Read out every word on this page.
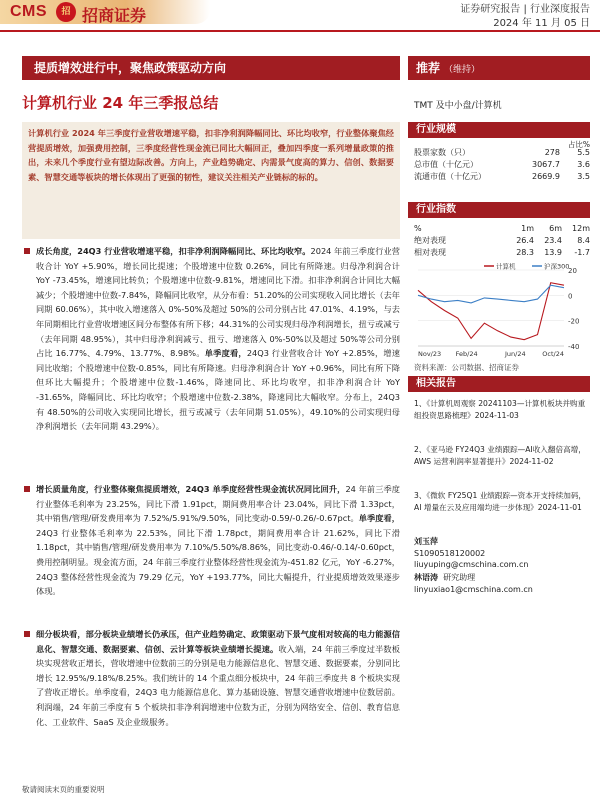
CMS	招 招商证券	证券研究报告 | 行业深度报告
2024 年 11 月 05 日
提质增效进行中，聚焦政策驱动方向	推荐 （维持）
计算机行业 24 年三季报总结	TMT 及中小盘/计算机
计算机行业 2024 年三季度行业营收增速平稳，扣非净利润降幅同比、环比均收窄，行业整体聚焦经营提质增效，加强费用控制，三季度经营性现金流已同比大幅回正，叠加四季度一系列增量政策的推出，未来几个季度行业有望边际改善。方向上，产业趋势确定、内需景气度高的算力、信创、数据要素、智慧交通等板块的增长体现出了更强的韧性，建议关注相关产业链标的标的。
成长角度，24Q3 行业营收增速平稳，扣非净利润降幅同比、环比均收窄。2024 年前三季度行业营收合计 YoY +5.90%，增长同比提速；个股增速中位数 0.26%，同比有所降速。归母净利润合计 YoY -73.45%，增速同比转负；个股增速中位数-9.81%，增速同比下滑。扣非净利润合计同比大幅减少；个股增速中位数-7.84%，降幅同比收窄，从分布看：51.20%的公司实现收入同比增长（去年同期 60.06%），其中收入增速落入 0%-50%及超过 50%的公司分别占比 47.01%、4.19%，与去年同期相比行业营收增速区间分布整体有所下移；44.31%的公司实现归母净利润增长，扭亏或减亏（去年同期 48.95%），其中归母净利润减亏、扭亏、增速落入 0%-50%以及超过 50%等公司分别占比 16.77%、4.79%、13.77%、8.98%。单季度看，24Q3 行业营收合计 YoY +2.85%，增速同比收缩；个股增速中位数-0.85%，同比有所降速。归母净利润合计 YoY +0.96%，同比有所下降但环比大幅提升；个股增速中位数-1.46%，降速同比、环比均收窄，扣非净利润合计 YoY -31.65%，降幅同比、环比均收窄；个股增速中位数-2.38%，降速同比大幅收窄。分布上，24Q3 有 48.50%的公司收入实现同比增长，扭亏或减亏（去年同期 51.05%），49.10%的公司实现归母净利润增长（去年同期 43.29%）。
增长质量角度，行业整体聚焦提质增效，24Q3 单季度经营性现金流状况同比回升，24 年前三季度行业整体毛利率为 23.25%，同比下滑 1.91pct，期间费用率合计 23.04%，同比下滑 1.33pct，其中销售/管理/研发费用率为 7.52%/5.91%/9.50%，同比变动-0.59/-0.26/-0.67pct。单季度看，24Q3 行业整体毛利率为 22.53%，同比下滑 1.78pct，期间费用率合计 21.62%，同比下滑 1.18pct，其中销售/管理/研发费用率为 7.10%/5.50%/8.86%，同比变动-0.46/-0.14/-0.60pct，费用控制明显。现金流方面，24 年前三季度行业整体经营性现金流为-451.82 亿元，YoY -6.27%，24Q3 整体经营性现金流为 79.29 亿元，YoY +193.77%，同比大幅提升，行业提质增效效果逐步体现。
细分板块看，部分板块业绩增长仍承压，但产业趋势确定、政策驱动下景气度相对较高的电力能源信息化、智慧交通、数据要素、信创、云计算等板块业绩增长提速。收入端，24 年前三季度过半数板块实现营收正增长，营收增速中位数前三的分别是电力能源信息化、智慧交通、数据要素，分别同比增长 12.95%/9.18%/8.25%。我们统计的 14 个重点细分板块中，24 年前三季度共 8 个板块实现了营收正增长。单季度看，24Q3 电力能源信息化、算力基础设施、智慧交通营收增速中位数居前。利润端，24 年前三季度有 5 个板块扣非净利润增速中位数为正，分别为网络安全、信创、教育信息化、工业软件、SaaS 及企业级服务。
行业规模
占比%
股票家数（只）	278	5.5
总市值（十亿元）	3067.7	3.6
流通市值（十亿元）	2669.9	3.5
行业指数
%	1m	6m	12m
绝对表现	26.4	23.4	8.4
相对表现	28.3	13.9	-1.7
20
0
-20
-40
Nov/23 Feb/24	Jun/24	Oct/24
计算机	沪深300
资料来源：公司数据、招商证券
相关报告
1、《计算机周观察 20241103—计算机板块并购重组投资思路梳理》2024-11-03
2、《亚马逊 FY24Q3 业绩跟踪—AI收入翻倍高增，AWS 运营利润率显著提升》2024-11-02
3、《微软 FY25Q1 业绩跟踪—资本开支持续加码，AI 增量在云及应用端均进一步体现》2024-11-01
刘玉萍
S1090518120002
liuyuping@cmschina.com.cn
林语涛 研究助理
linyuxiao1@cmschina.com.cn
敬请阅读末页的重要说明
